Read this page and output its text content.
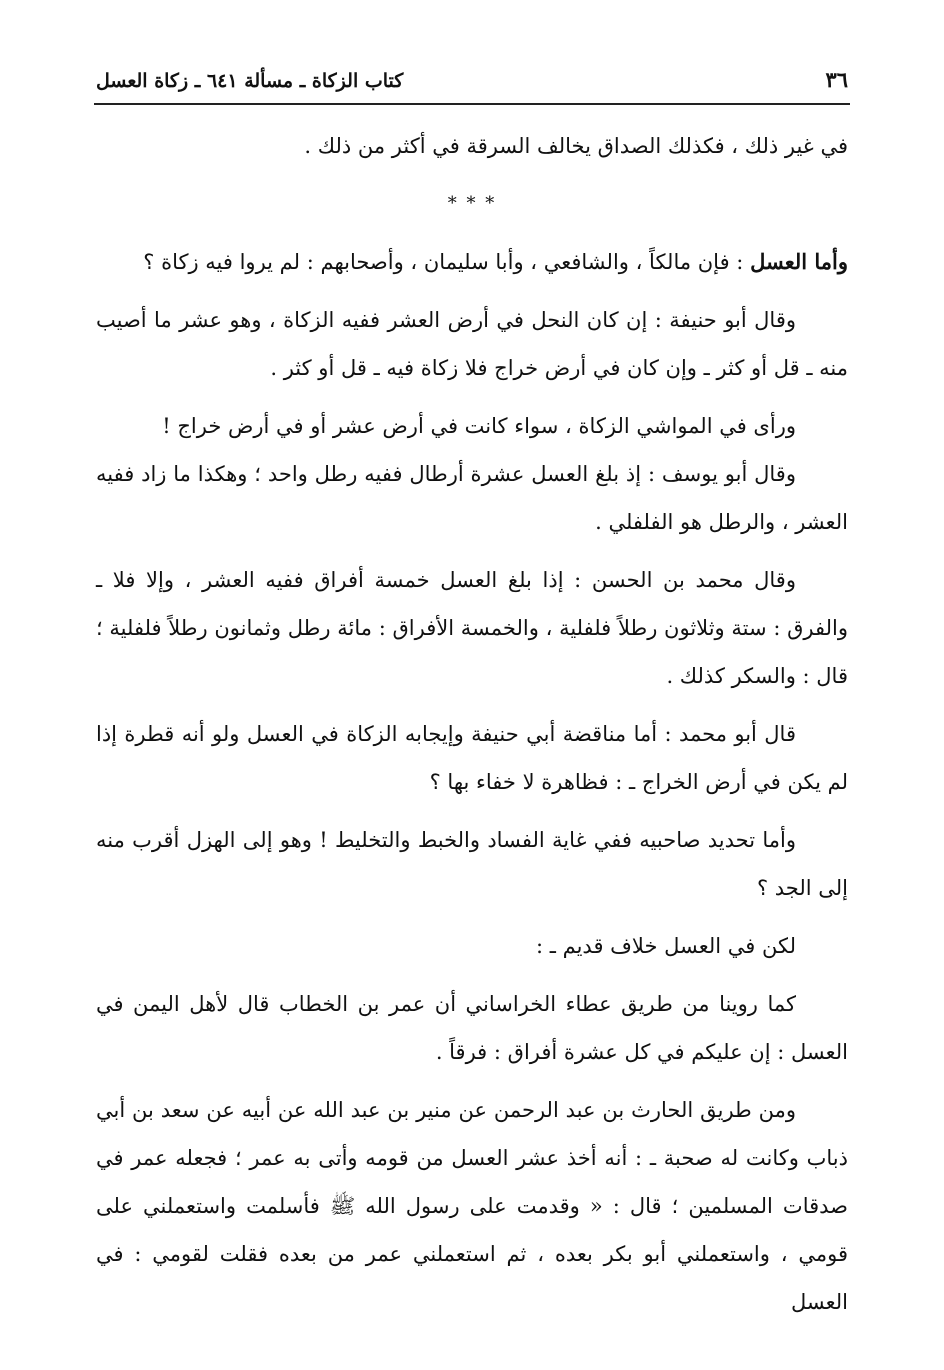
كتاب الزكاة ـ مسألة ٦٤١ ـ زكاة العسل	٣٦

في غير ذلك ، فكذلك الصداق يخالف السرقة في أكثر من ذلك .

* * *

وأما العسل : فإن مالكاً ، والشافعي ، وأبا سليمان ، وأصحابهم : لم يروا فيه زكاة ؟

وقال أبو حنيفة : إن كان النحل في أرض العشر ففيه الزكاة ، وهو عشر ما أصيب منه ـ قل أو كثر ـ وإن كان في أرض خراج فلا زكاة فيه ـ قل أو كثر .

ورأى في المواشي الزكاة ، سواء كانت في أرض عشر أو في أرض خراج !

وقال أبو يوسف : إذ بلغ العسل عشرة أرطال ففيه رطل واحد ؛ وهكذا ما زاد ففيه العشر ، والرطل هو الفلفلي .

وقال محمد بن الحسن : إذا بلغ العسل خمسة أفراق ففيه العشر ، وإلا فلا ـ والفرق : ستة وثلاثون رطلاً فلفلية ، والخمسة الأفراق : مائة رطل وثمانون رطلاً فلفلية ؛ قال : والسكر كذلك .

قال أبو محمد : أما مناقضة أبي حنيفة وإيجابه الزكاة في العسل ولو أنه قطرة إذا لم يكن في أرض الخراج ـ : فظاهرة لا خفاء بها ؟

وأما تحديد صاحبيه ففي غاية الفساد والخبط والتخليط ! وهو إلى الهزل أقرب منه إلى الجد ؟

لكن في العسل خلاف قديم ـ :

كما روينا من طريق عطاء الخراساني أن عمر بن الخطاب قال لأهل اليمن في العسل : إن عليكم في كل عشرة أفراق : فرقاً .

ومن طريق الحارث بن عبد الرحمن عن منير بن عبد الله عن أبيه عن سعد بن أبي ذباب وكانت له صحبة ـ : أنه أخذ عشر العسل من قومه وأتى به عمر ؛ فجعله عمر في صدقات المسلمين ؛ قال : « وقدمت على رسول الله ﷺ فأسلمت واستعملني على قومي ، واستعملني أبو بكر بعده ، ثم استعملني عمر من بعده فقلت لقومي : في العسل
